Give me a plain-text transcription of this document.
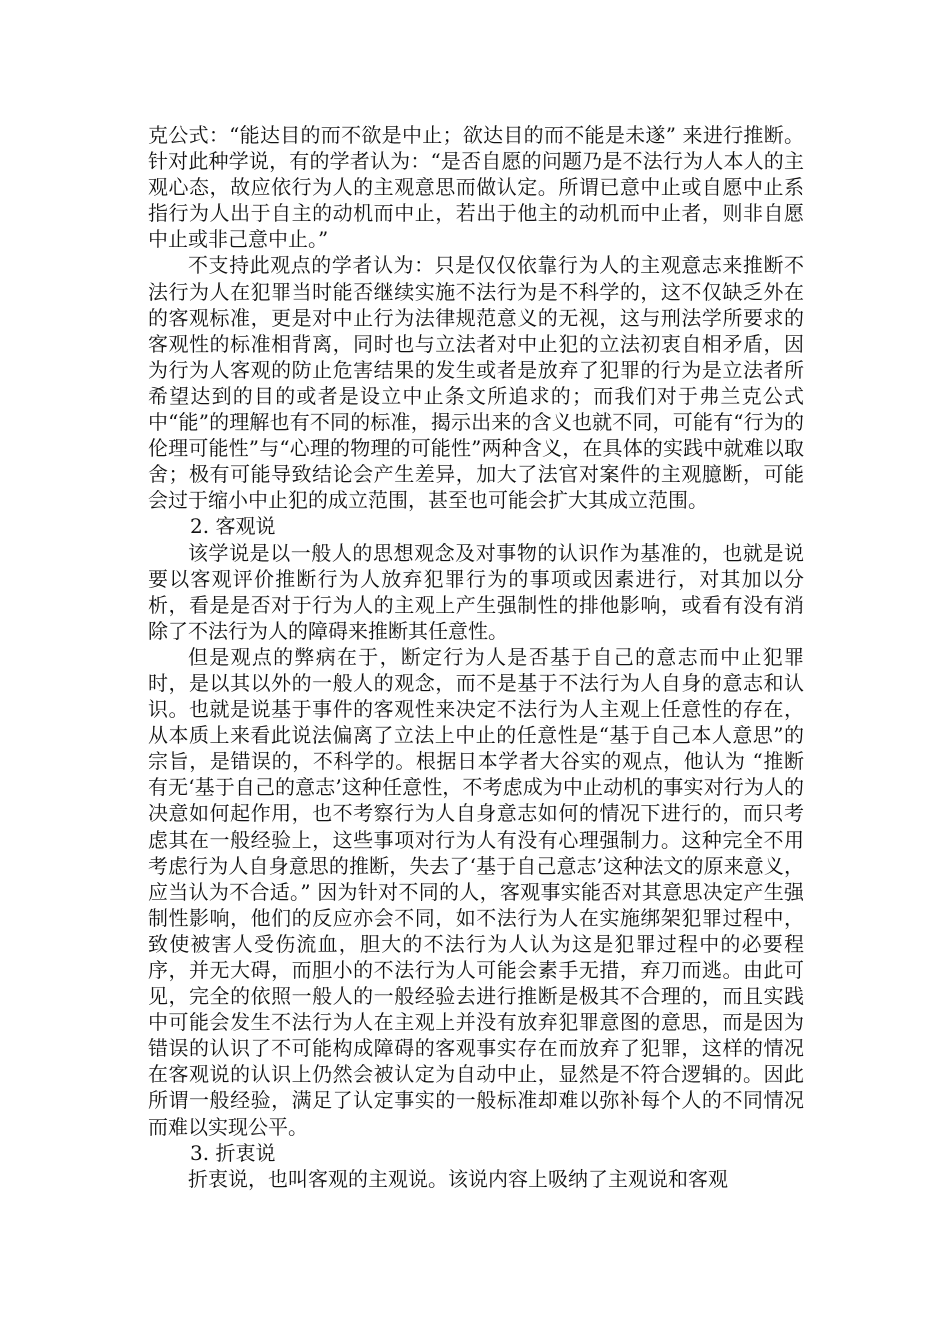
克公式：“能达目的而不欲是中止；欲达目的而不能是未遂” 来进行推断。针对此种学说，有的学者认为：“是否自愿的问题乃是不法行为人本人的主观心态，故应依行为人的主观意思而做认定。所谓已意中止或自愿中止系指行为人出于自主的动机而中止，若出于他主的动机而中止者，则非自愿中止或非己意中止。”

不支持此观点的学者认为：只是仅仅依靠行为人的主观意志来推断不法行为人在犯罪当时能否继续实施不法行为是不科学的，这不仅缺乏外在的客观标准，更是对中止行为法律规范意义的无视，这与刑法学所要求的客观性的标准相背离，同时也与立法者对中止犯的立法初衷自相矛盾，因为行为人客观的防止危害结果的发生或者是放弃了犯罪的行为是立法者所希望达到的目的或者是设立中止条文所追求的；而我们对于弗兰克公式中“能”的理解也有不同的标准，揭示出来的含义也就不同，可能有“行为的伦理可能性”与“心理的物理的可能性”两种含义，在具体的实践中就难以取舍；极有可能导致结论会产生差异，加大了法官对案件的主观臆断，可能会过于缩小中止犯的成立范围，甚至也可能会扩大其成立范围。

2. 客观说

该学说是以一般人的思想观念及对事物的认识作为基准的，也就是说要以客观评价推断行为人放弃犯罪行为的事项或因素进行，对其加以分析，看是是否对于行为人的主观上产生强制性的排他影响，或看有没有消除了不法行为人的障碍来推断其任意性。

但是观点的弊病在于，断定行为人是否基于自己的意志而中止犯罪时，是以其以外的一般人的观念，而不是基于不法行为人自身的意志和认识。也就是说基于事件的客观性来决定不法行为人主观上任意性的存在，从本质上来看此说法偏离了立法上中止的任意性是“基于自己本人意思”的宗旨，是错误的，不科学的。根据日本学者大谷实的观点，他认为 “推断有无‘基于自己的意志’这种任意性，不考虑成为中止动机的事实对行为人的决意如何起作用，也不考察行为人自身意志如何的情况下进行的，而只考虑其在一般经验上，这些事项对行为人有没有心理强制力。这种完全不用考虑行为人自身意思的推断，失去了‘基于自己意志’这种法文的原来意义，应当认为不合适。” 因为针对不同的人，客观事实能否对其意思决定产生强制性影响，他们的反应亦会不同，如不法行为人在实施绑架犯罪过程中，致使被害人受伤流血，胆大的不法行为人认为这是犯罪过程中的必要程序，并无大碍，而胆小的不法行为人可能会素手无措，弃刀而逃。由此可见，完全的依照一般人的一般经验去进行推断是极其不合理的，而且实践中可能会发生不法行为人在主观上并没有放弃犯罪意图的意思，而是因为错误的认识了不可能构成障碍的客观事实存在而放弃了犯罪，这样的情况在客观说的认识上仍然会被认定为自动中止，显然是不符合逻辑的。因此所谓一般经验，满足了认定事实的一般标准却难以弥补每个人的不同情况而难以实现公平。

3. 折衷说

折衷说，也叫客观的主观说。该说内容上吸纳了主观说和客观
